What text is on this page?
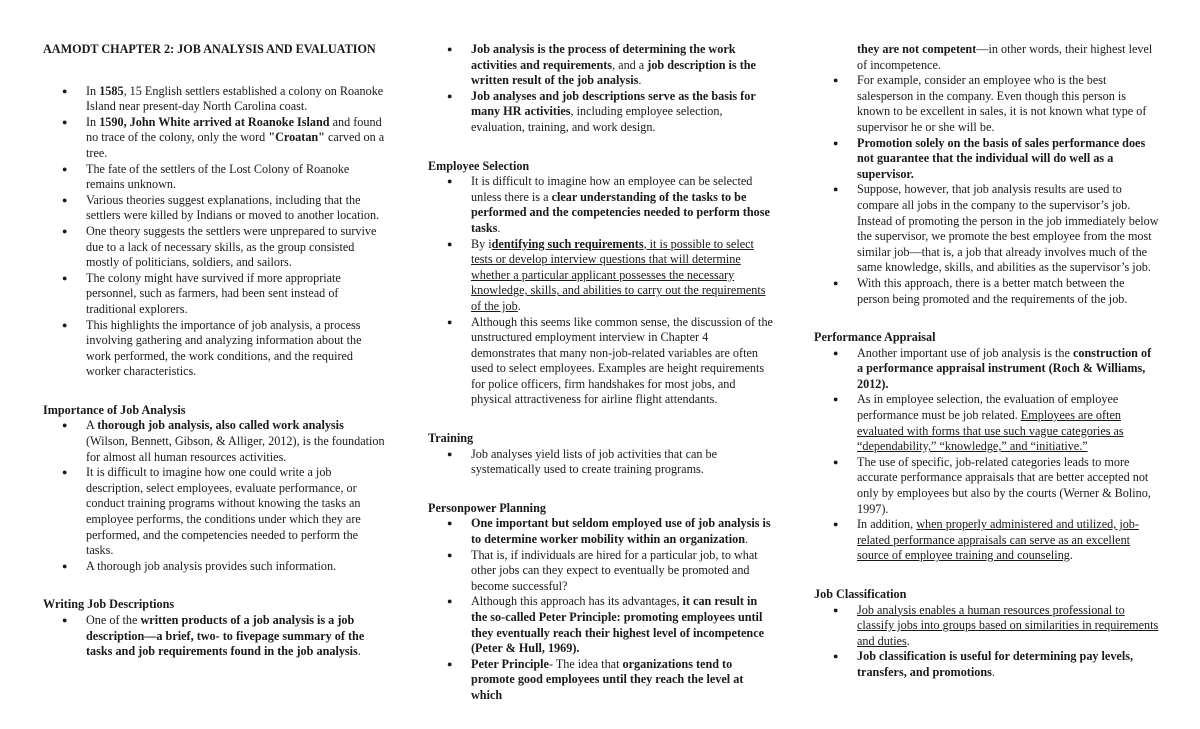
AAMODT CHAPTER 2: JOB ANALYSIS AND EVALUATION
● In 1585, 15 English settlers established a colony on Roanoke Island near present-day North Carolina coast.
● In 1590, John White arrived at Roanoke Island and found no trace of the colony, only the word "Croatan" carved on a tree.
● The fate of the settlers of the Lost Colony of Roanoke remains unknown.
● Various theories suggest explanations, including that the settlers were killed by Indians or moved to another location.
● One theory suggests the settlers were unprepared to survive due to a lack of necessary skills, as the group consisted mostly of politicians, soldiers, and sailors.
● The colony might have survived if more appropriate personnel, such as farmers, had been sent instead of traditional explorers.
● This highlights the importance of job analysis, a process involving gathering and analyzing information about the work performed, the work conditions, and the required worker characteristics.
Importance of Job Analysis
● A thorough job analysis, also called work analysis (Wilson, Bennett, Gibson, & Alliger, 2012), is the foundation for almost all human resources activities.
● It is difficult to imagine how one could write a job description, select employees, evaluate performance, or conduct training programs without knowing the tasks an employee performs, the conditions under which they are performed, and the competencies needed to perform the tasks.
● A thorough job analysis provides such information.
Writing Job Descriptions
● One of the written products of a job analysis is a job description—a brief, two- to fivepage summary of the tasks and job requirements found in the job analysis.
● Job analysis is the process of determining the work activities and requirements, and a job description is the written result of the job analysis.
● Job analyses and job descriptions serve as the basis for many HR activities, including employee selection, evaluation, training, and work design.
Employee Selection
● It is difficult to imagine how an employee can be selected unless there is a clear understanding of the tasks to be performed and the competencies needed to perform those tasks.
● By identifying such requirements, it is possible to select tests or develop interview questions that will determine whether a particular applicant possesses the necessary knowledge, skills, and abilities to carry out the requirements of the job.
● Although this seems like common sense, the discussion of the unstructured employment interview in Chapter 4 demonstrates that many non-job-related variables are often used to select employees. Examples are height requirements for police officers, firm handshakes for most jobs, and physical attractiveness for airline flight attendants.
Training
● Job analyses yield lists of job activities that can be systematically used to create training programs.
Personpower Planning
● One important but seldom employed use of job analysis is to determine worker mobility within an organization.
● That is, if individuals are hired for a particular job, to what other jobs can they expect to eventually be promoted and become successful?
● Although this approach has its advantages, it can result in the so-called Peter Principle: promoting employees until they eventually reach their highest level of incompetence (Peter & Hull, 1969).
● Peter Principle- The idea that organizations tend to promote good employees until they reach the level at which
they are not competent—in other words, their highest level of incompetence.
● For example, consider an employee who is the best salesperson in the company. Even though this person is known to be excellent in sales, it is not known what type of supervisor he or she will be.
● Promotion solely on the basis of sales performance does not guarantee that the individual will do well as a supervisor.
● Suppose, however, that job analysis results are used to compare all jobs in the company to the supervisor’s job. Instead of promoting the person in the job immediately below the supervisor, we promote the best employee from the most similar job—that is, a job that already involves much of the same knowledge, skills, and abilities as the supervisor’s job.
● With this approach, there is a better match between the person being promoted and the requirements of the job.
Performance Appraisal
● Another important use of job analysis is the construction of a performance appraisal instrument (Roch & Williams, 2012).
● As in employee selection, the evaluation of employee performance must be job related. Employees are often evaluated with forms that use such vague categories as “dependability,” “knowledge,” and “initiative.”
● The use of specific, job-related categories leads to more accurate performance appraisals that are better accepted not only by employees but also by the courts (Werner & Bolino, 1997).
● In addition, when properly administered and utilized, job-related performance appraisals can serve as an excellent source of employee training and counseling.
Job Classification
● Job analysis enables a human resources professional to classify jobs into groups based on similarities in requirements and duties.
● Job classification is useful for determining pay levels, transfers, and promotions.
